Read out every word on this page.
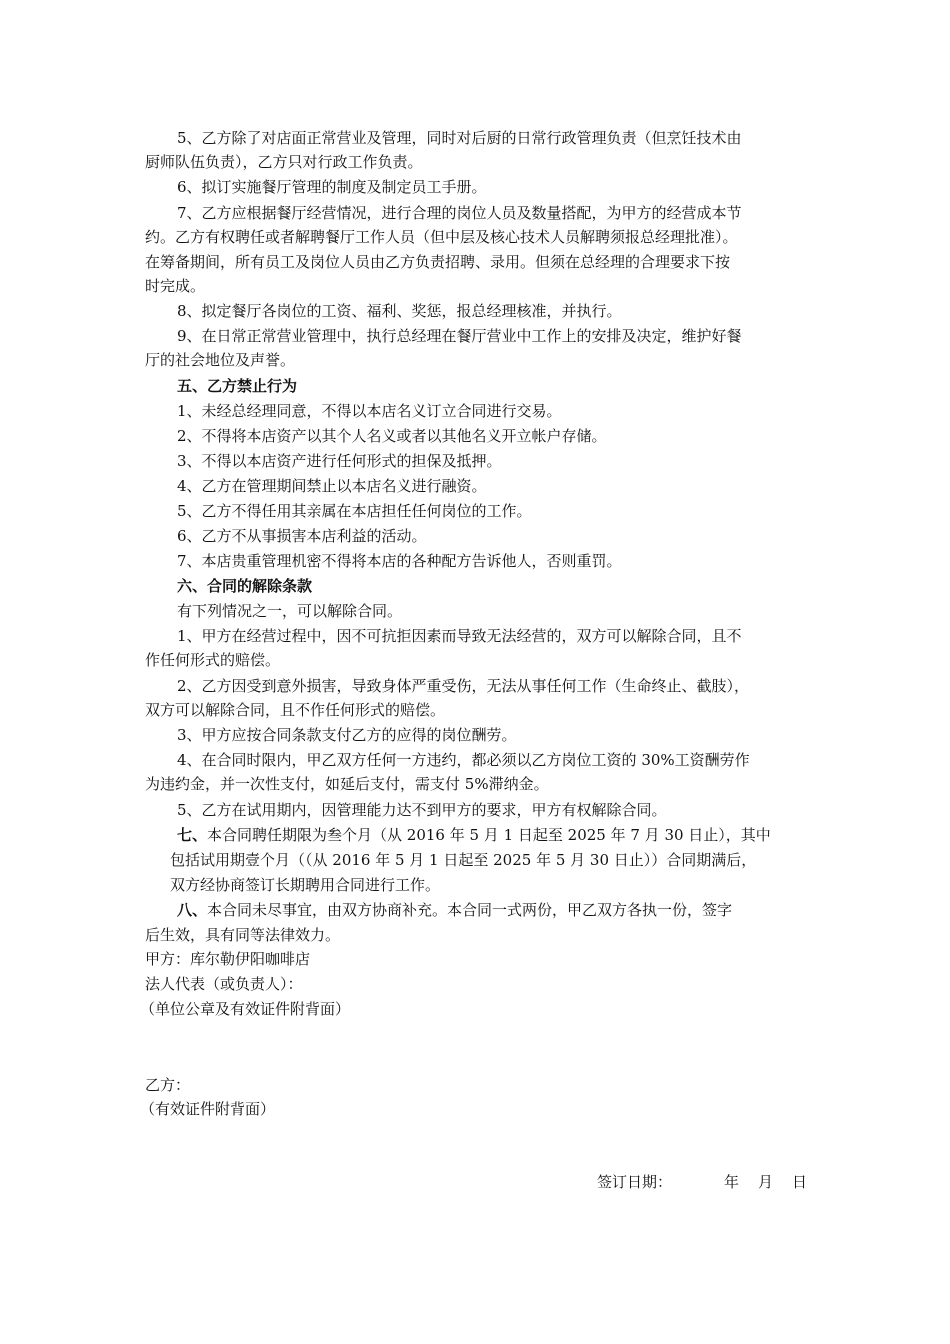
5、乙方除了对店面正常营业及管理，同时对后厨的日常行政管理负责（但烹饪技术由
厨师队伍负责），乙方只对行政工作负责。
6、拟订实施餐厅管理的制度及制定员工手册。
7、乙方应根据餐厅经营情况，进行合理的岗位人员及数量搭配，为甲方的经营成本节
约。乙方有权聘任或者解聘餐厅工作人员（但中层及核心技术人员解聘须报总经理批准）。
在筹备期间，所有员工及岗位人员由乙方负责招聘、录用。但须在总经理的合理要求下按
时完成。
8、拟定餐厅各岗位的工资、福利、奖惩，报总经理核准，并执行。
9、在日常正常营业管理中，执行总经理在餐厅营业中工作上的安排及决定，维护好餐
厅的社会地位及声誉。
五、乙方禁止行为
1、未经总经理同意，不得以本店名义订立合同进行交易。
2、不得将本店资产以其个人名义或者以其他名义开立帐户存储。
3、不得以本店资产进行任何形式的担保及抵押。
4、乙方在管理期间禁止以本店名义进行融资。
5、乙方不得任用其亲属在本店担任任何岗位的工作。
6、乙方不从事损害本店利益的活动。
7、本店贵重管理机密不得将本店的各种配方告诉他人，否则重罚。
六、合同的解除条款
有下列情况之一，可以解除合同。
1、甲方在经营过程中，因不可抗拒因素而导致无法经营的，双方可以解除合同，且不
作任何形式的赔偿。
2、乙方因受到意外损害，导致身体严重受伤，无法从事任何工作（生命终止、截肢），
双方可以解除合同，且不作任何形式的赔偿。
3、甲方应按合同条款支付乙方的应得的岗位酬劳。
4、在合同时限内，甲乙双方任何一方违约，都必须以乙方岗位工资的 30%工资酬劳作
为违约金，并一次性支付，如延后支付，需支付 5%滞纳金。
5、乙方在试用期内，因管理能力达不到甲方的要求，甲方有权解除合同。
七、本合同聘任期限为叁个月（从 2016 年 5 月 1 日起至 2025 年 7 月 30 日止），其中
包括试用期壹个月（（从 2016 年 5 月 1 日起至 2025 年 5 月 30 日止））合同期满后，
双方经协商签订长期聘用合同进行工作。
八、本合同未尽事宜，由双方协商补充。本合同一式两份，甲乙双方各执一份，签字
后生效，具有同等法律效力。
甲方：库尔勒伊阳咖啡店
法人代表（或负责人）：
（单位公章及有效证件附背面）
乙方：
（有效证件附背面）
签订日期：	年 月 日
